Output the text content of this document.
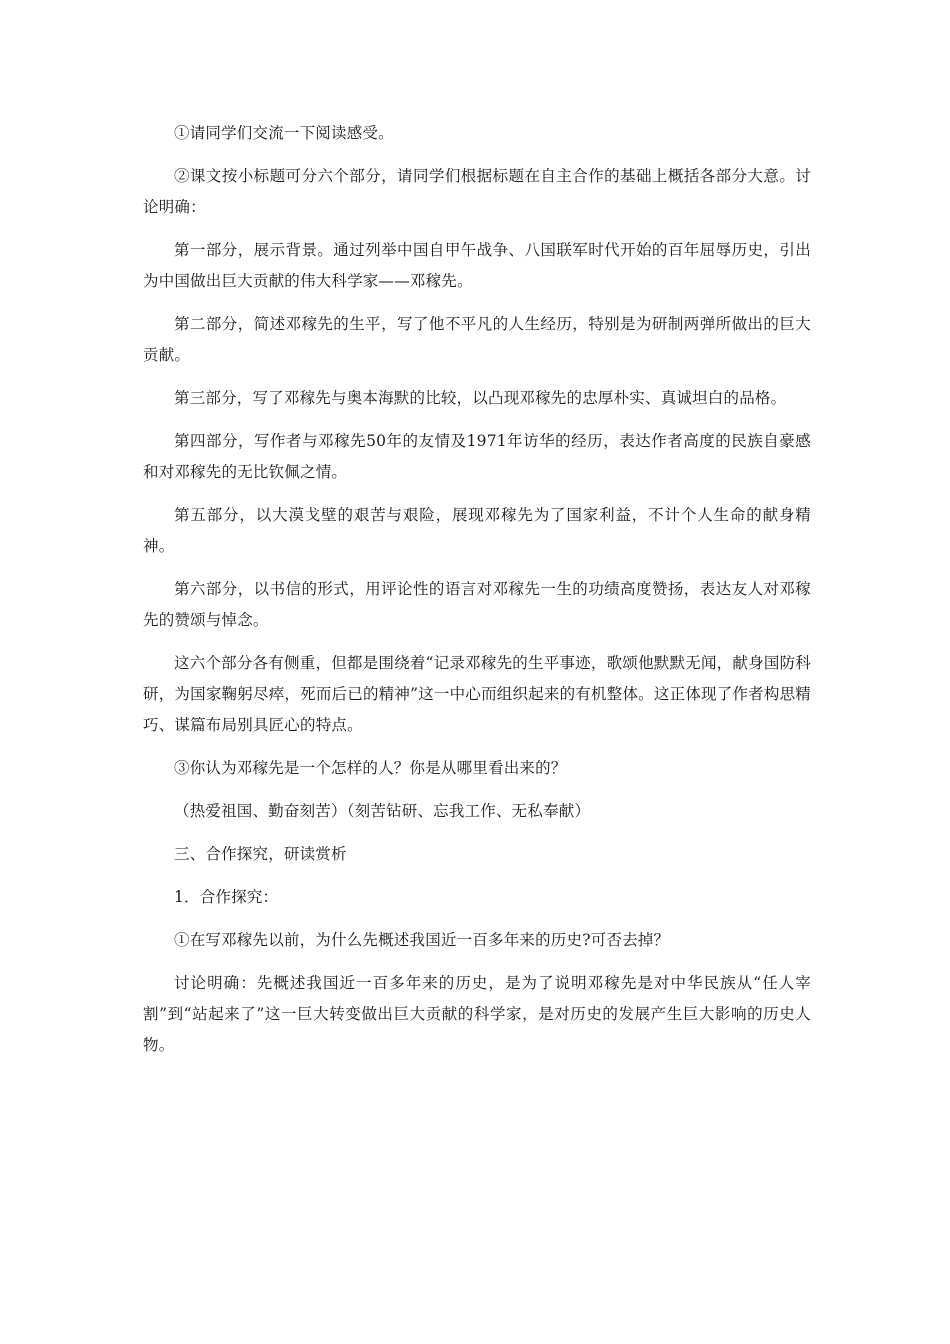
①请同学们交流一下阅读感受。

②课文按小标题可分六个部分，请同学们根据标题在自主合作的基础上概括各部分大意。讨论明确：

第一部分，展示背景。通过列举中国自甲午战争、八国联军时代开始的百年屈辱历史，引出为中国做出巨大贡献的伟大科学家——邓稼先。

第二部分，简述邓稼先的生平，写了他不平凡的人生经历，特别是为研制两弹所做出的巨大贡献。

第三部分，写了邓稼先与奥本海默的比较，以凸现邓稼先的忠厚朴实、真诚坦白的品格。

第四部分，写作者与邓稼先50年的友情及1971年访华的经历，表达作者高度的民族自豪感和对邓稼先的无比钦佩之情。

第五部分，以大漠戈壁的艰苦与艰险，展现邓稼先为了国家利益，不计个人生命的献身精神。

第六部分，以书信的形式，用评论性的语言对邓稼先一生的功绩高度赞扬，表达友人对邓稼先的赞颂与悼念。

这六个部分各有侧重，但都是围绕着“记录邓稼先的生平事迹，歌颂他默默无闻，献身国防科研，为国家鞠躬尽瘁，死而后已的精神”这一中心而组织起来的有机整体。这正体现了作者构思精巧、谋篇布局别具匠心的特点。

③你认为邓稼先是一个怎样的人？你是从哪里看出来的？

（热爱祖国、勤奋刻苦）（刻苦钻研、忘我工作、无私奉献）

三、合作探究，研读赏析

1．合作探究：

①在写邓稼先以前，为什么先概述我国近一百多年来的历史?可否去掉？

讨论明确：先概述我国近一百多年来的历史，是为了说明邓稼先是对中华民族从“任人宰割”到“站起来了”这一巨大转变做出巨大贡献的科学家，是对历史的发展产生巨大影响的历史人物。
